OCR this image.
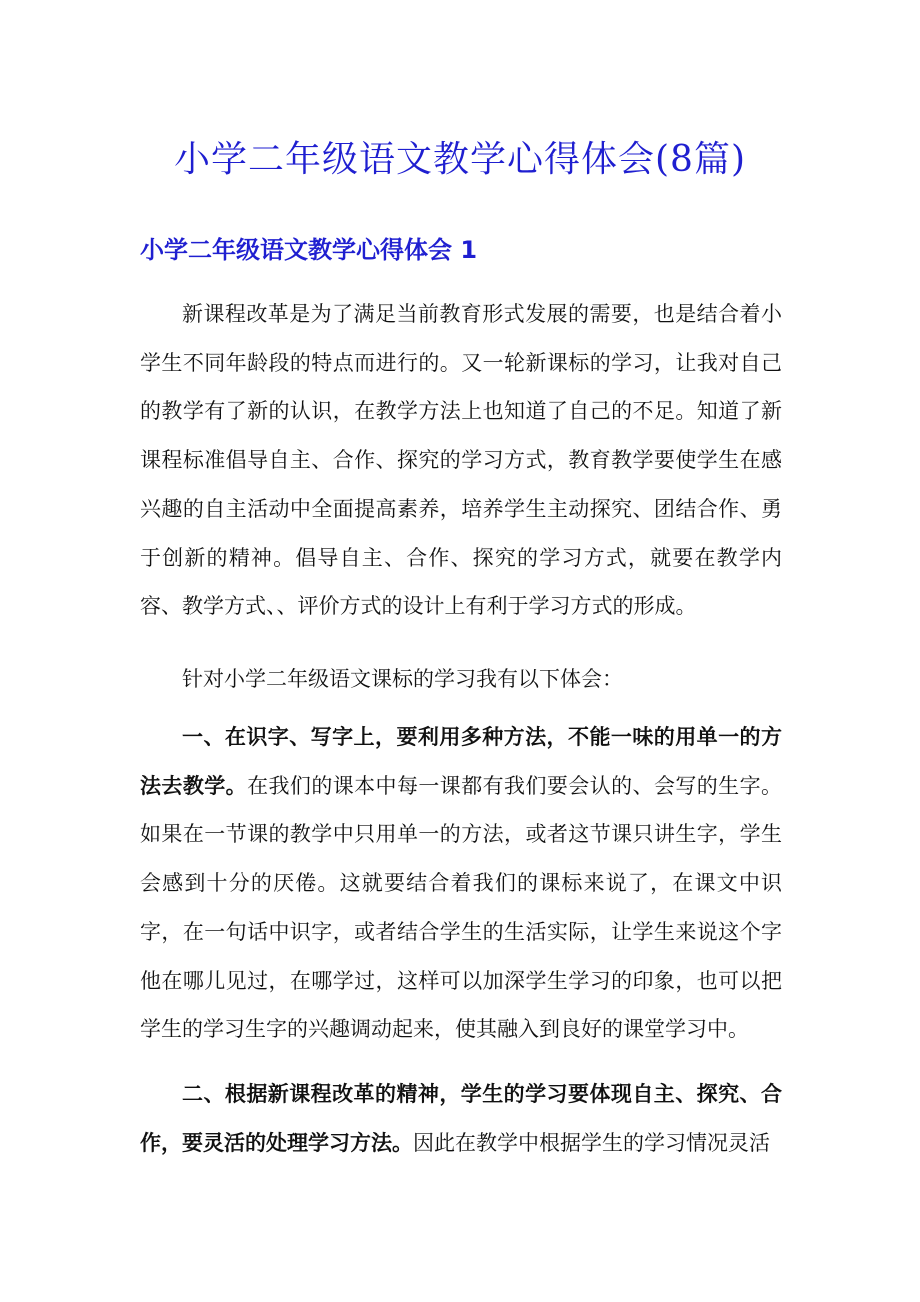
小学二年级语文教学心得体会(8篇)
小学二年级语文教学心得体会 1

新课程改革是为了满足当前教育形式发展的需要，也是结合着小学生不同年龄段的特点而进行的。又一轮新课标的学习，让我对自己的教学有了新的认识，在教学方法上也知道了自己的不足。知道了新课程标准倡导自主、合作、探究的学习方式，教育教学要使学生在感兴趣的自主活动中全面提高素养，培养学生主动探究、团结合作、勇于创新的精神。倡导自主、合作、探究的学习方式，就要在教学内容、教学方式、、评价方式的设计上有利于学习方式的形成。

针对小学二年级语文课标的学习我有以下体会：

一、在识字、写字上，要利用多种方法，不能一味的用单一的方法去教学。在我们的课本中每一课都有我们要会认的、会写的生字。如果在一节课的教学中只用单一的方法，或者这节课只讲生字，学生会感到十分的厌倦。这就要结合着我们的课标来说了，在课文中识字，在一句话中识字，或者结合学生的生活实际，让学生来说这个字他在哪儿见过，在哪学过，这样可以加深学生学习的印象，也可以把学生的学习生字的兴趣调动起来，使其融入到良好的课堂学习中。

二、根据新课程改革的精神，学生的学习要体现自主、探究、合作，要灵活的处理学习方法。因此在教学中根据学生的学习情况灵活
